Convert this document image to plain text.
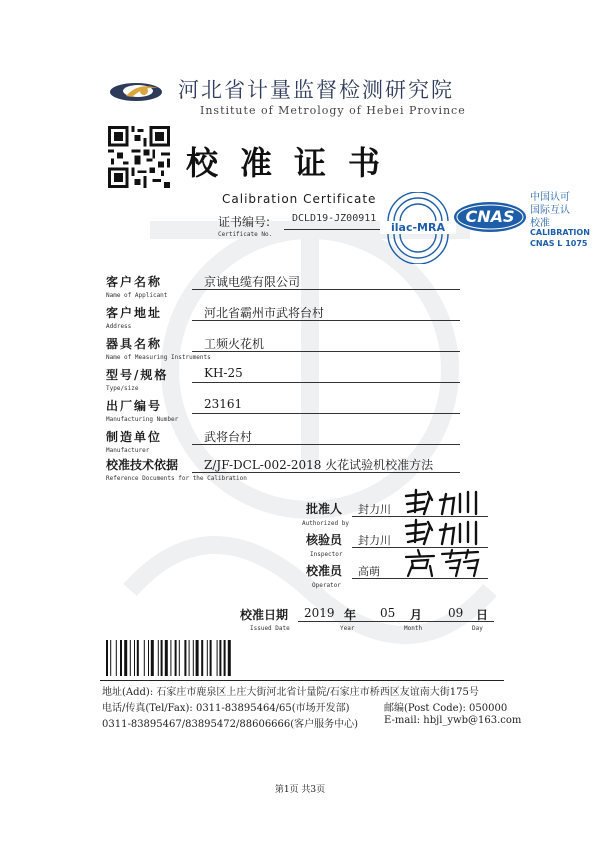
河北省计量监督检测研究院
Institute of Metrology of Hebei Province
校准证书
Calibration Certificate
证书编号:
Certificate No.
DCLD19-JZ00911
ilac-MRA
CNAS
中国认可
国际互认
校准
CALIBRATION
CNAS L 1075
客户名称
Name of Applicant
京诚电缆有限公司
客户地址
Address
河北省霸州市武将台村
器具名称
Name of Measuring Instruments
工频火花机
型号/规格
Type/size
KH-25
出厂编号
Manufacturing Number
23161
制造单位
Manufacturer
武将台村
校准技术依据
Reference Documents for the Calibration
Z/JF-DCL-002-2018 火花试验机校准方法
批准人
Authorized by
封力川
核验员
Inspector
封力川
校准员
Operator
高萌
校准日期
Issued Date
2019 年
Year
05 月
Month
09 日
Day
地址(Add): 石家庄市鹿泉区上庄大街河北省计量院/石家庄市桥西区友谊南大街175号
电话/传真(Tel/Fax): 0311-83895464/65(市场开发部)	邮编(Post Code): 050000
0311-83895467/83895472/88606666(客户服务中心)	E-mail: hbjl_ywb@163.com
第1页 共3页
